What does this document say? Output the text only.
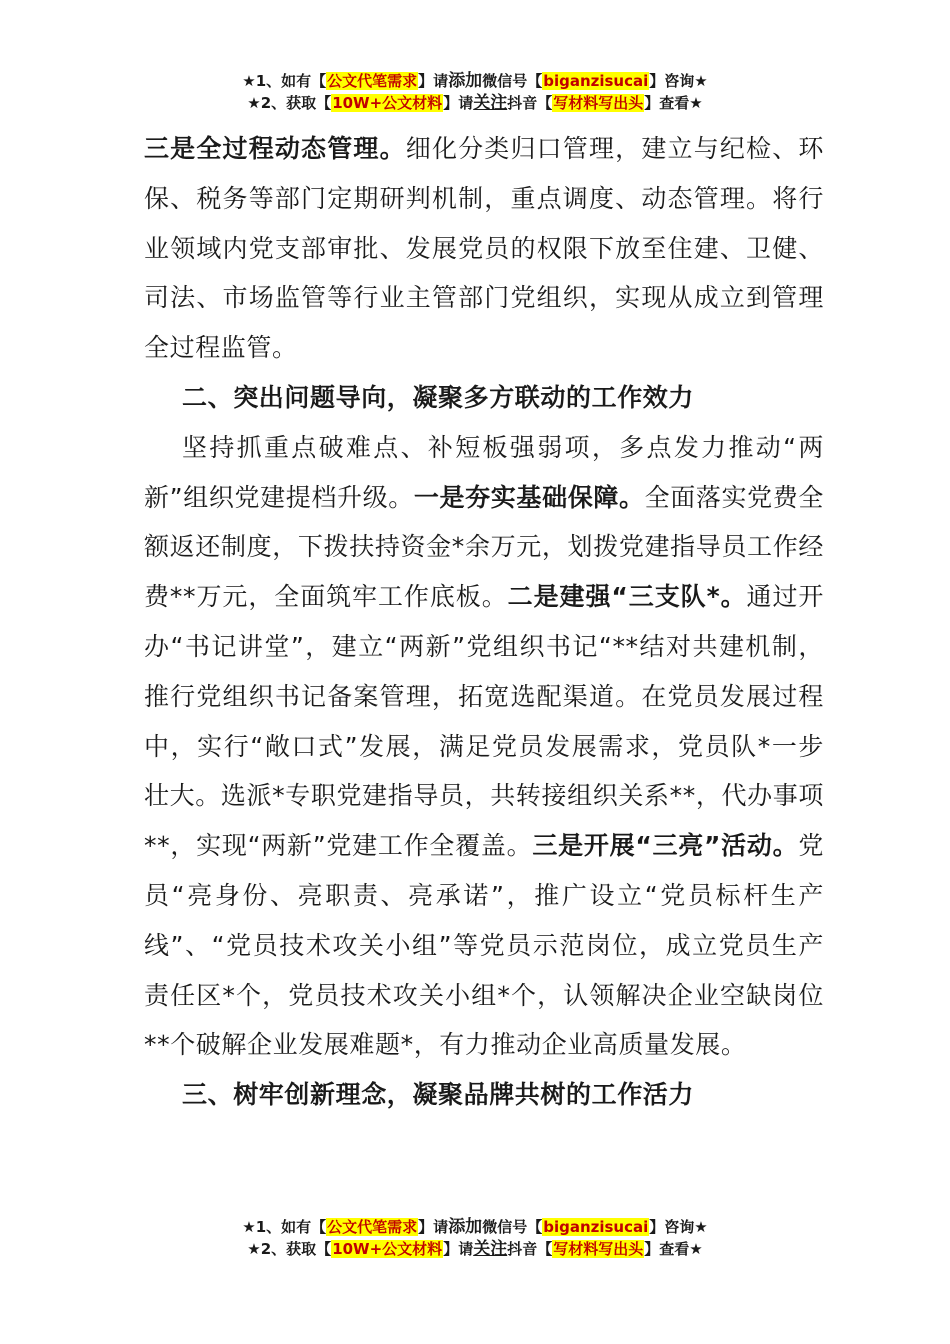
★1、如有【公文代笔需求】请添加微信号【biganzisucai】咨询★
★2、获取【10W+公文材料】请关注抖音【写材料写出头】查看★

三是全过程动态管理。细化分类归口管理，建立与纪检、环保、税务等部门定期研判机制，重点调度、动态管理。将行业领域内党支部审批、发展党员的权限下放至住建、卫健、司法、市场监管等行业主管部门党组织，实现从成立到管理全过程监管。

二、突出问题导向，凝聚多方联动的工作效力

坚持抓重点破难点、补短板强弱项，多点发力推动“两新”组织党建提档升级。一是夯实基础保障。全面落实党费全额返还制度，下拨扶持资金*余万元，划拨党建指导员工作经费**万元，全面筑牢工作底板。二是建强“三支队*。通过开办“书记讲堂”，建立“两新”党组织书记“**结对共建机制，推行党组织书记备案管理，拓宽选配渠道。在党员发展过程中，实行“敞口式”发展，满足党员发展需求，党员队*一步壮大。选派*专职党建指导员，共转接组织关系**，代办事项**，实现“两新”党建工作全覆盖。三是开展“三亮”活动。党员“亮身份、亮职责、亮承诺”，推广设立“党员标杆生产线”、“党员技术攻关小组”等党员示范岗位，成立党员生产责任区*个，党员技术攻关小组*个，认领解决企业空缺岗位**个破解企业发展难题*，有力推动企业高质量发展。

三、树牢创新理念，凝聚品牌共树的工作活力

★1、如有【公文代笔需求】请添加微信号【biganzisucai】咨询★
★2、获取【10W+公文材料】请关注抖音【写材料写出头】查看★
